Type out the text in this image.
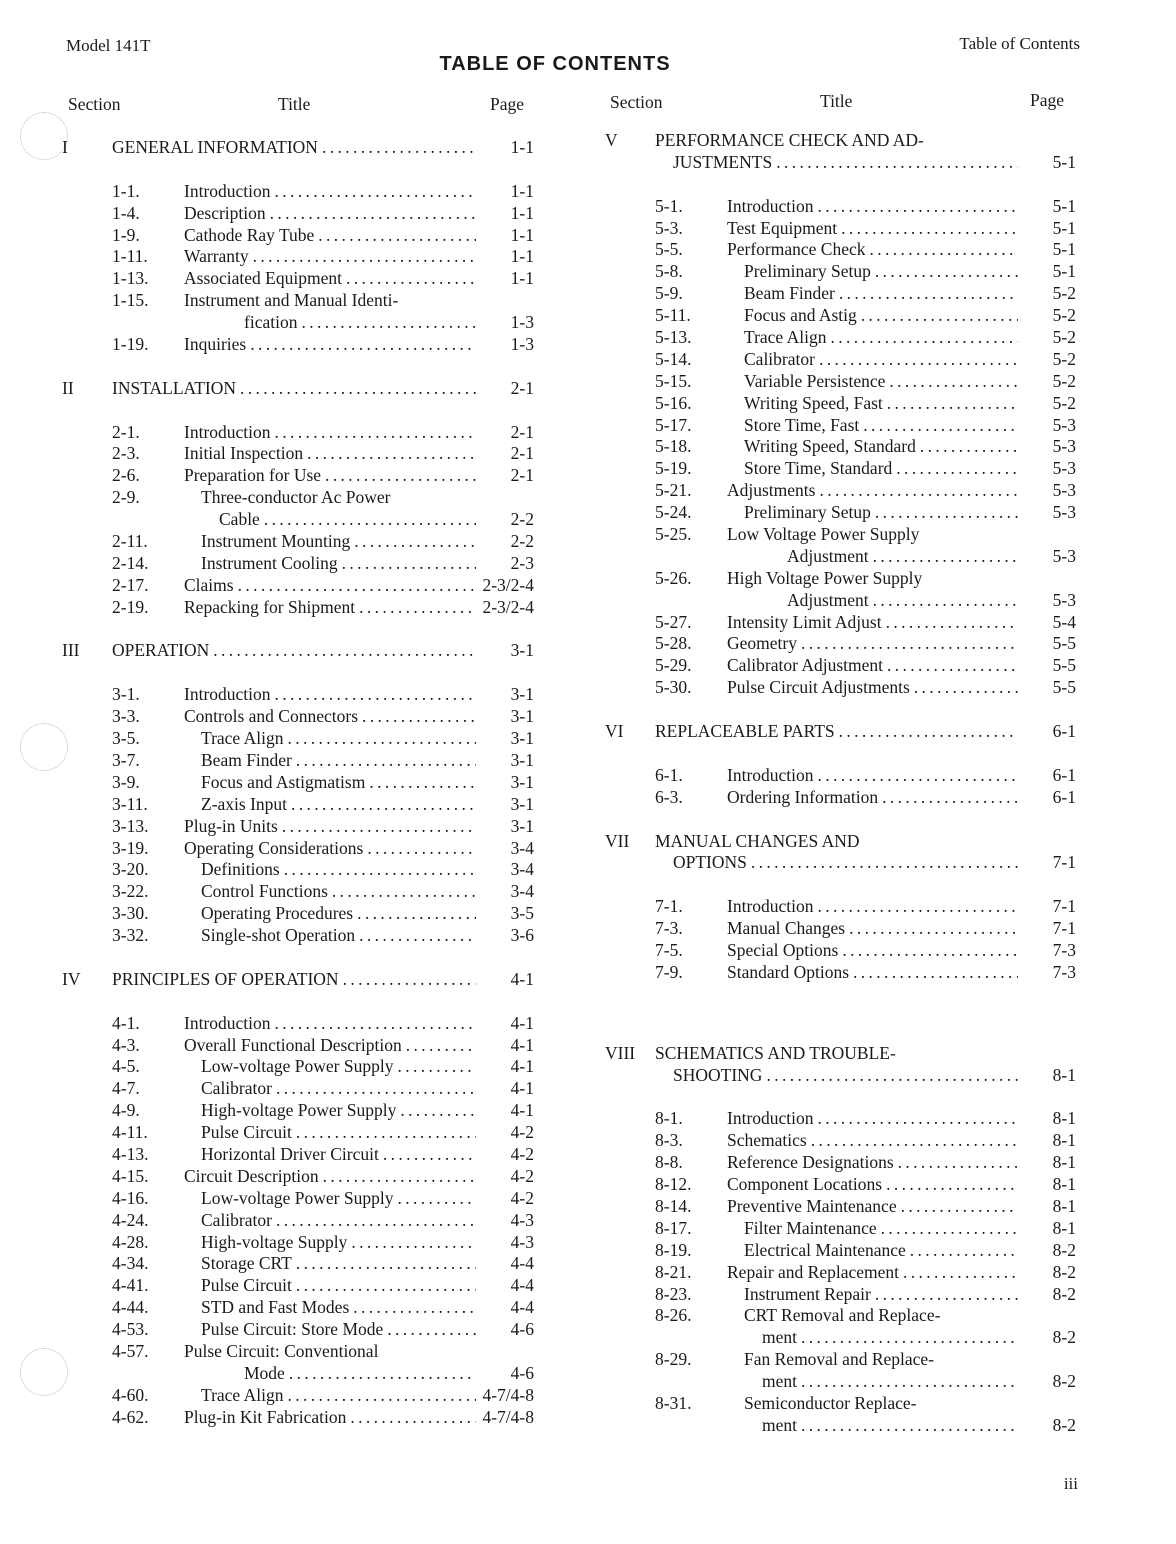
Model 141T	Table of Contents
TABLE OF CONTENTS
Section	Title	Page	Section	Title	Page
I	GENERAL INFORMATION . . .	1-1
1-1.	Introduction . . .	1-1
1-4.	Description . . .	1-1
1-9.	Cathode Ray Tube . . .	1-1
1-11.	Warranty . . .	1-1
1-13.	Associated Equipment . . .	1-1
1-15.	Instrument and Manual Identi-
fication . . .	1-3
1-19.	Inquiries . . .	1-3
II	INSTALLATION . . .	2-1
2-1.	Introduction . . .	2-1
2-3.	Initial Inspection . . .	2-1
2-6.	Preparation for Use . . .	2-1
2-9.	Three-conductor Ac Power
Cable . . .	2-2
2-11.	Instrument Mounting . . .	2-2
2-14.	Instrument Cooling . . .	2-3
2-17.	Claims . . .	2-3/2-4
2-19.	Repacking for Shipment . . .	2-3/2-4
III	OPERATION . . .	3-1
3-1.	Introduction . . .	3-1
3-3.	Controls and Connectors . . .	3-1
3-5.	Trace Align . . .	3-1
3-7.	Beam Finder . . .	3-1
3-9.	Focus and Astigmatism . . .	3-1
3-11.	Z-axis Input . . .	3-1
3-13.	Plug-in Units . . .	3-1
3-19.	Operating Considerations . . .	3-4
3-20.	Definitions . . .	3-4
3-22.	Control Functions . . .	3-4
3-30.	Operating Procedures . . .	3-5
3-32.	Single-shot Operation . . .	3-6
IV	PRINCIPLES OF OPERATION . . .	4-1
4-1.	Introduction . . .	4-1
4-3.	Overall Functional Description . . .	4-1
4-5.	Low-voltage Power Supply . . .	4-1
4-7.	Calibrator . . .	4-1
4-9.	High-voltage Power Supply . . .	4-1
4-11.	Pulse Circuit . . .	4-2
4-13.	Horizontal Driver Circuit . . .	4-2
4-15.	Circuit Description . . .	4-2
4-16.	Low-voltage Power Supply . . .	4-2
4-24.	Calibrator . . .	4-3
4-28.	High-voltage Supply . . .	4-3
4-34.	Storage CRT . . .	4-4
4-41.	Pulse Circuit . . .	4-4
4-44.	STD and Fast Modes . . .	4-4
4-53.	Pulse Circuit: Store Mode . . .	4-6
4-57.	Pulse Circuit: Conventional
Mode . . .	4-6
4-60.	Trace Align . . .	4-7/4-8
4-62.	Plug-in Kit Fabrication . . .	4-7/4-8
V	PERFORMANCE CHECK AND AD-
JUSTMENTS . . .	5-1
5-1.	Introduction . . .	5-1
5-3.	Test Equipment . . .	5-1
5-5.	Performance Check . . .	5-1
5-8.	Preliminary Setup . . .	5-1
5-9.	Beam Finder . . .	5-2
5-11.	Focus and Astig . . .	5-2
5-13.	Trace Align . . .	5-2
5-14.	Calibrator . . .	5-2
5-15.	Variable Persistence . . .	5-2
5-16.	Writing Speed, Fast . . .	5-2
5-17.	Store Time, Fast . . .	5-3
5-18.	Writing Speed, Standard . . .	5-3
5-19.	Store Time, Standard . . .	5-3
5-21.	Adjustments . . .	5-3
5-24.	Preliminary Setup . . .	5-3
5-25.	Low Voltage Power Supply
Adjustment . . .	5-3
5-26.	High Voltage Power Supply
Adjustment . . .	5-3
5-27.	Intensity Limit Adjust . . .	5-4
5-28.	Geometry . . .	5-5
5-29.	Calibrator Adjustment . . .	5-5
5-30.	Pulse Circuit Adjustments . . .	5-5
VI	REPLACEABLE PARTS . . .	6-1
6-1.	Introduction . . .	6-1
6-3.	Ordering Information . . .	6-1
VII	MANUAL CHANGES AND
OPTIONS . . .	7-1
7-1.	Introduction . . .	7-1
7-3.	Manual Changes . . .	7-1
7-5.	Special Options . . .	7-3
7-9.	Standard Options . . .	7-3
VIII	SCHEMATICS AND TROUBLE-
SHOOTING . . .	8-1
8-1.	Introduction . . .	8-1
8-3.	Schematics . . .	8-1
8-8.	Reference Designations . . .	8-1
8-12.	Component Locations . . .	8-1
8-14.	Preventive Maintenance . . .	8-1
8-17.	Filter Maintenance . . .	8-1
8-19.	Electrical Maintenance . . .	8-2
8-21.	Repair and Replacement . . .	8-2
8-23.	Instrument Repair . . .	8-2
8-26.	CRT Removal and Replace-
ment . . .	8-2
8-29.	Fan Removal and Replace-
ment . . .	8-2
8-31.	Semiconductor Replace-
ment . . .	8-2
iii
